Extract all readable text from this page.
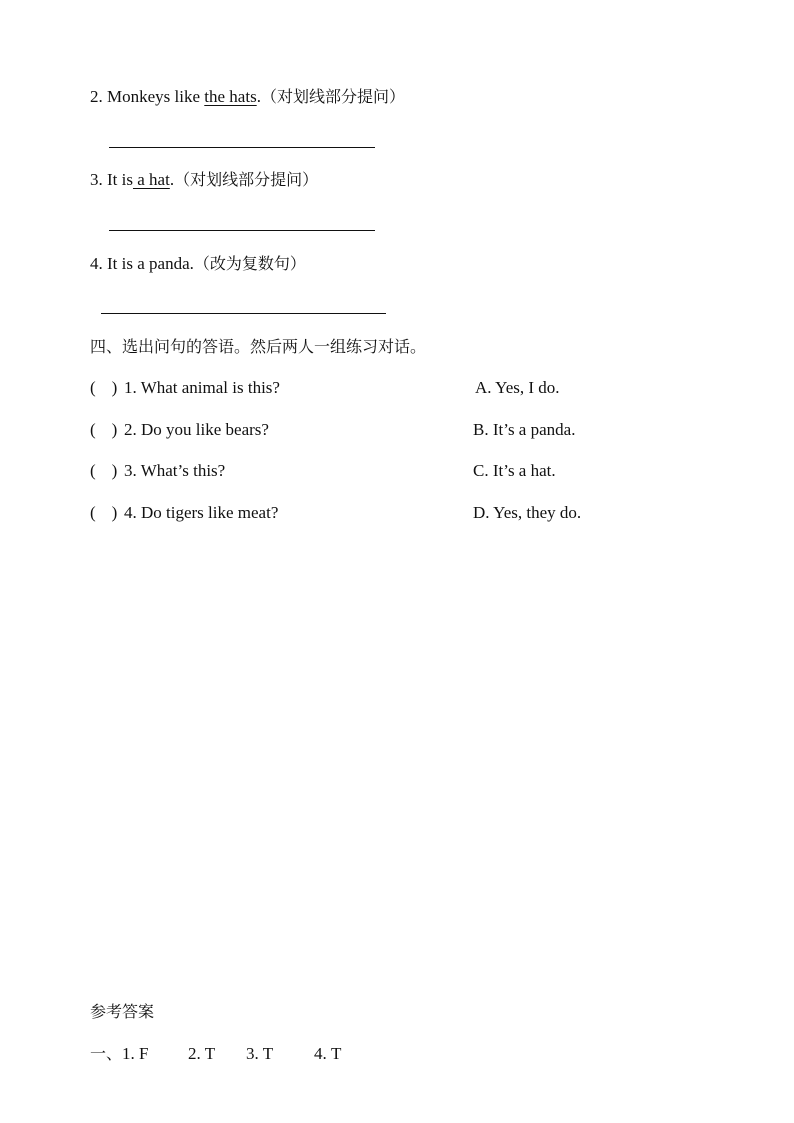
2. Monkeys like the hats.（对划线部分提问）
3. It is a hat.（对划线部分提问）
4. It is a panda.（改为复数句）
四、选出问句的答语。然后两人一组练习对话。
( ) 1. What animal is this?	A. Yes, I do.
( ) 2. Do you like bears?	B. It’s a panda.
( ) 3. What’s this?	C. It’s a hat.
( ) 4. Do tigers like meat?	D. Yes, they do.
参考答案
一、1. F 2. T 3. T 4. T
